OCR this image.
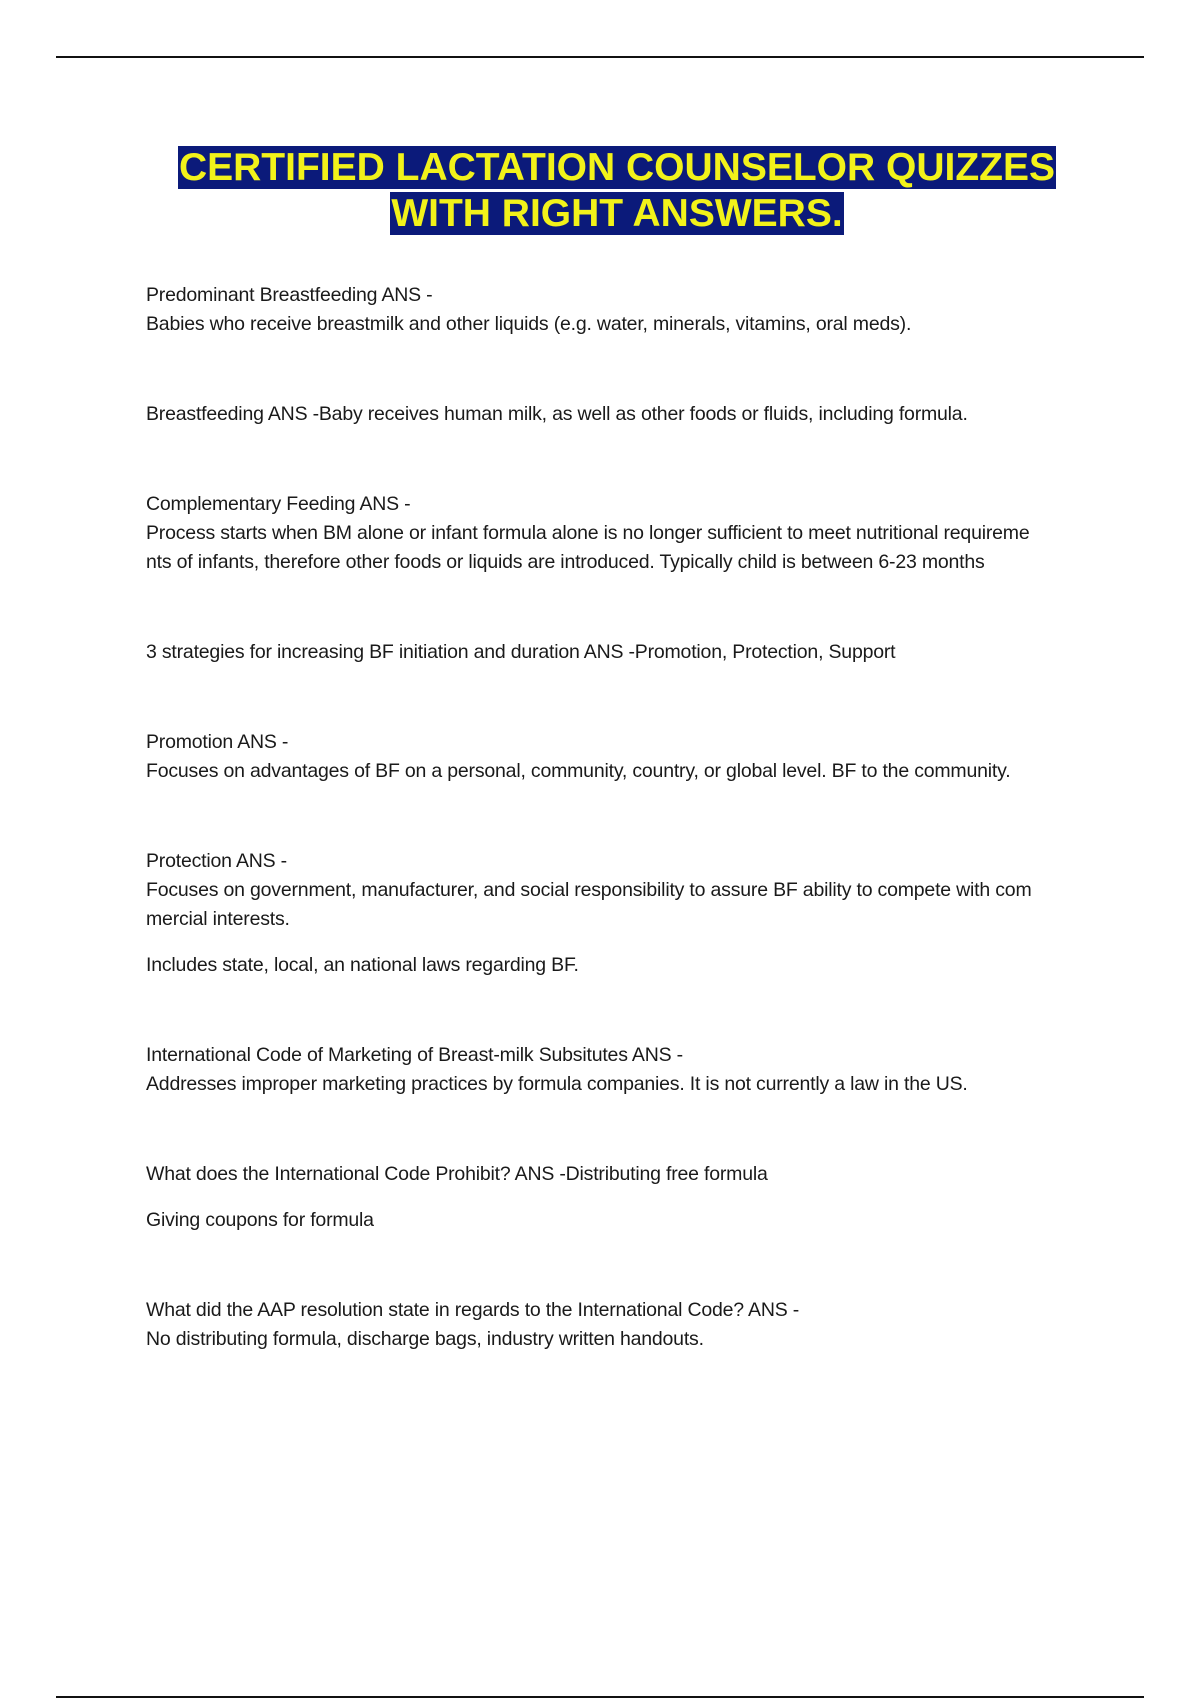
CERTIFIED LACTATION COUNSELOR QUIZZES
WITH RIGHT ANSWERS.

Predominant Breastfeeding ANS -

Babies who receive breastmilk and other liquids (e.g. water, minerals, vitamins, oral meds).

Breastfeeding ANS -Baby receives human milk, as well as other foods or fluids, including formula.

Complementary Feeding ANS -

Process starts when BM alone or infant formula alone is no longer sufficient to meet nutritional requireme

nts of infants, therefore other foods or liquids are introduced. Typically child is between 6-23 months

3 strategies for increasing BF initiation and duration ANS -Promotion, Protection, Support

Promotion ANS -

Focuses on advantages of BF on a personal, community, country, or global level. BF to the community.

Protection ANS -

Focuses on government, manufacturer, and social responsibility to assure BF ability to compete with com

mercial interests.

Includes state, local, an national laws regarding BF.

International Code of Marketing of Breast-milk Subsitutes ANS -

Addresses improper marketing practices by formula companies. It is not currently a law in the US.

What does the International Code Prohibit? ANS -Distributing free formula

Giving coupons for formula

What did the AAP resolution state in regards to the International Code? ANS -

No distributing formula, discharge bags, industry written handouts.
